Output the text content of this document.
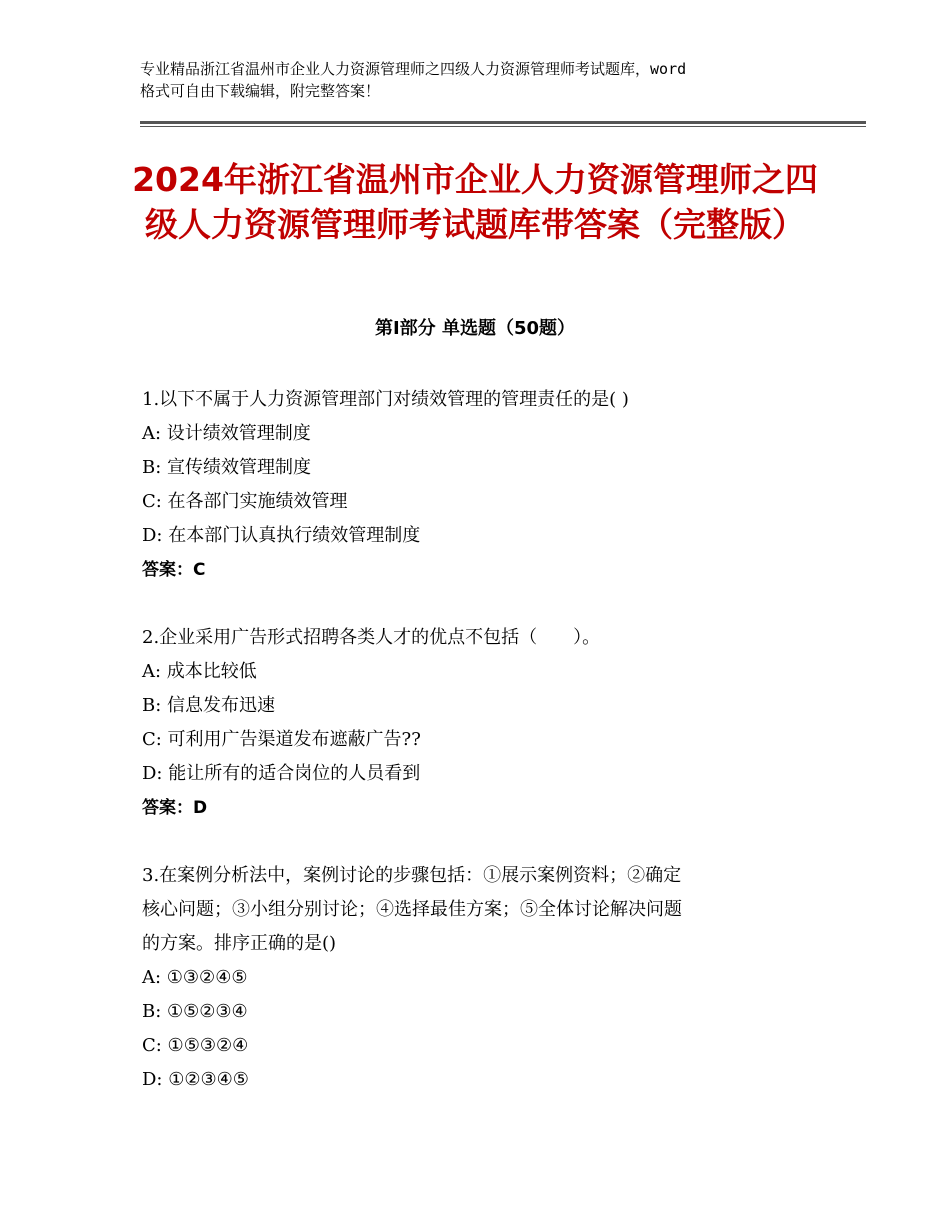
专业精品浙江省温州市企业人力资源管理师之四级人力资源管理师考试题库，word
格式可自由下载编辑，附完整答案！
2024年浙江省温州市企业人力资源管理师之四级人力资源管理师考试题库带答案（完整版）
第Ⅰ部分 单选题（50题）
1.以下不属于人力资源管理部门对绩效管理的管理责任的是( )
A: 设计绩效管理制度
B: 宣传绩效管理制度
C: 在各部门实施绩效管理
D: 在本部门认真执行绩效管理制度
答案：C
2.企业采用广告形式招聘各类人才的优点不包括（　　）。
A: 成本比较低
B: 信息发布迅速
C: 可利用广告渠道发布遮蔽广告??
D: 能让所有的适合岗位的人员看到
答案：D
3.在案例分析法中，案例讨论的步骤包括：①展示案例资料；②确定
核心问题；③小组分别讨论；④选择最佳方案；⑤全体讨论解决问题
的方案。排序正确的是()
A: ①③②④⑤
B: ①⑤②③④
C: ①⑤③②④
D: ①②③④⑤
